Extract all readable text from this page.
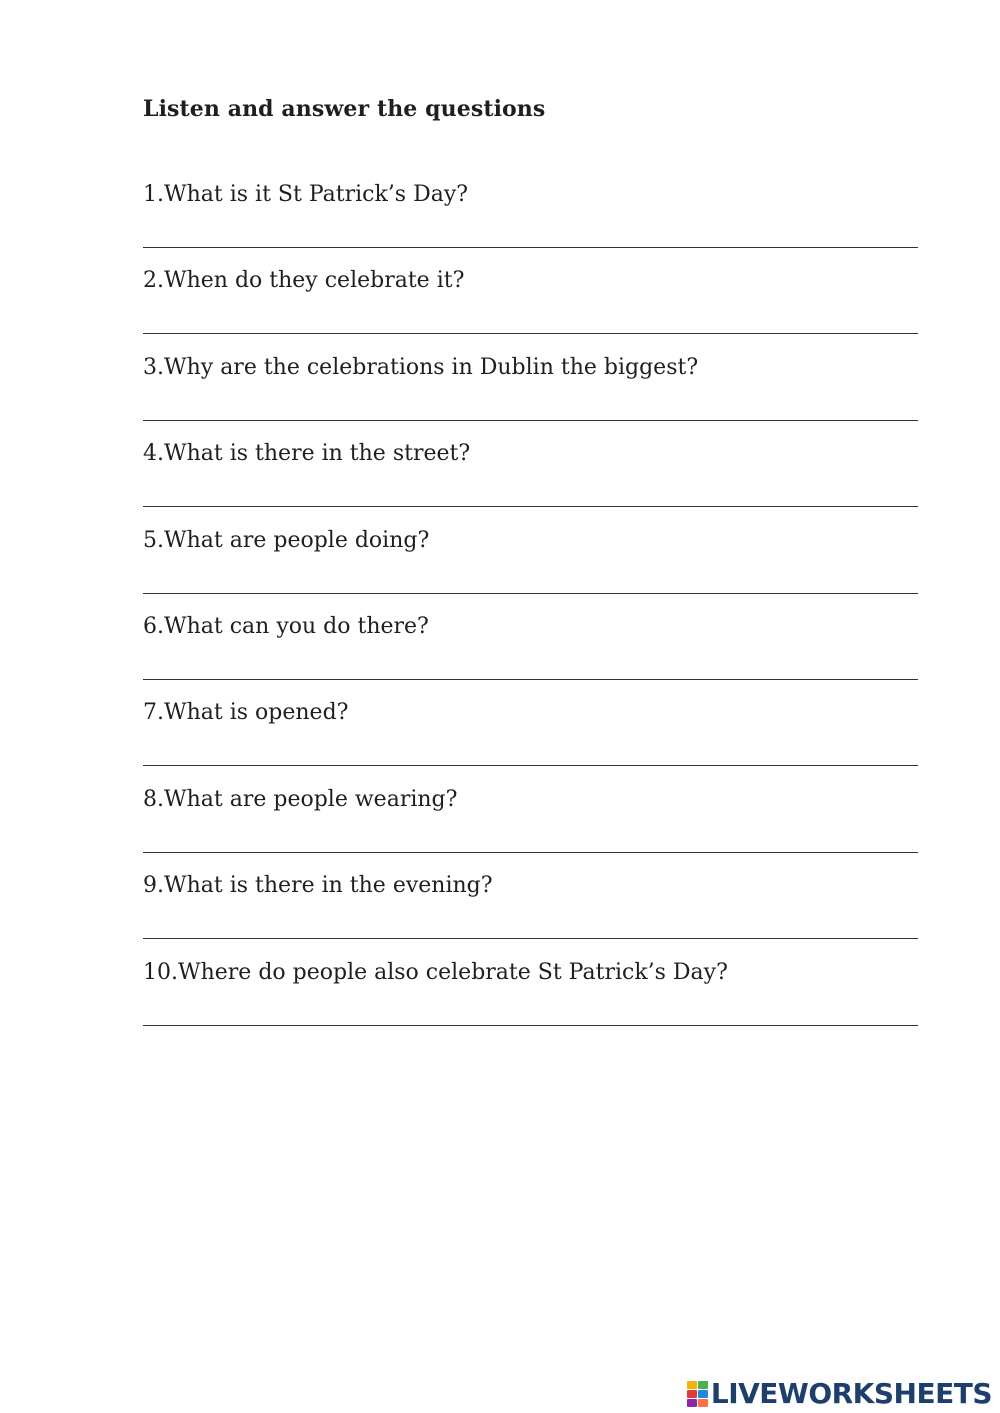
Listen and answer the questions
1.What is it St Patrick’s Day?
2.When do they celebrate it?
3.Why are the celebrations in Dublin the biggest?
4.What is there in the street?
5.What are people doing?
6.What can you do there?
7.What is opened?
8.What are people wearing?
9.What is there in the evening?
10.Where do people also celebrate St Patrick’s Day?
LIVEWORKSHEETS
